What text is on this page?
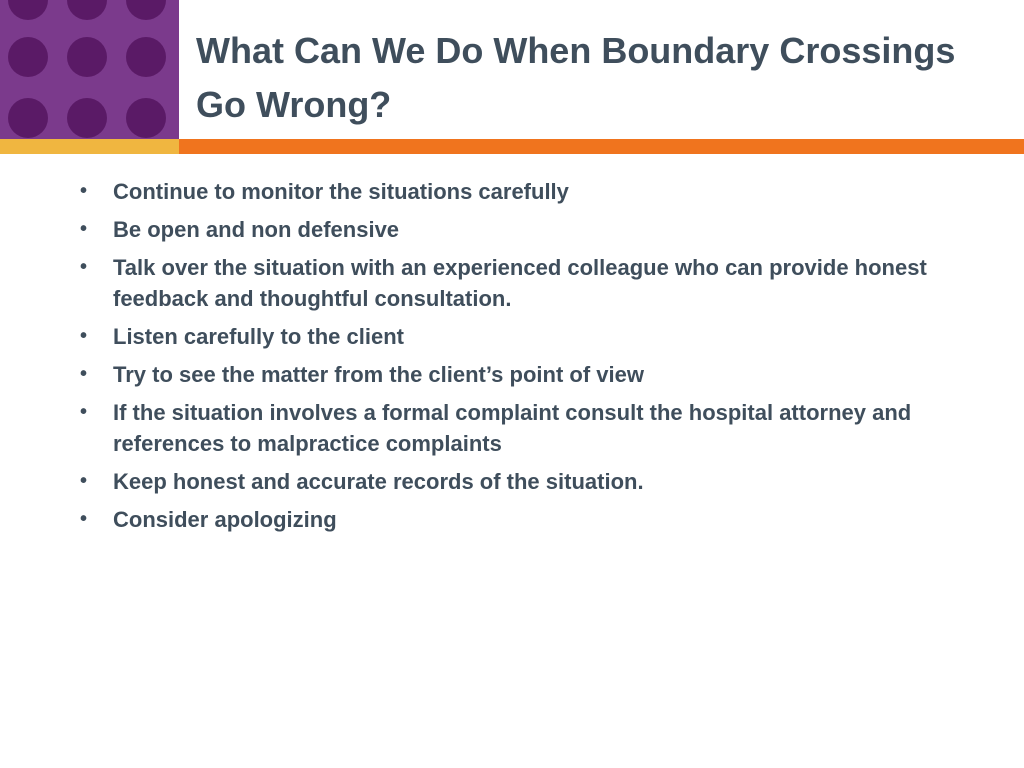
What Can We Do When Boundary Crossings Go Wrong?
• Continue to monitor the situations carefully
• Be open and non defensive
• Talk over the situation with an experienced colleague who can provide honest feedback and thoughtful consultation.
• Listen carefully to the client
• Try to see the matter from the client’s point of view
• If the situation involves a formal complaint consult the hospital attorney and references to malpractice complaints
• Keep honest and accurate records of the situation.
• Consider apologizing
